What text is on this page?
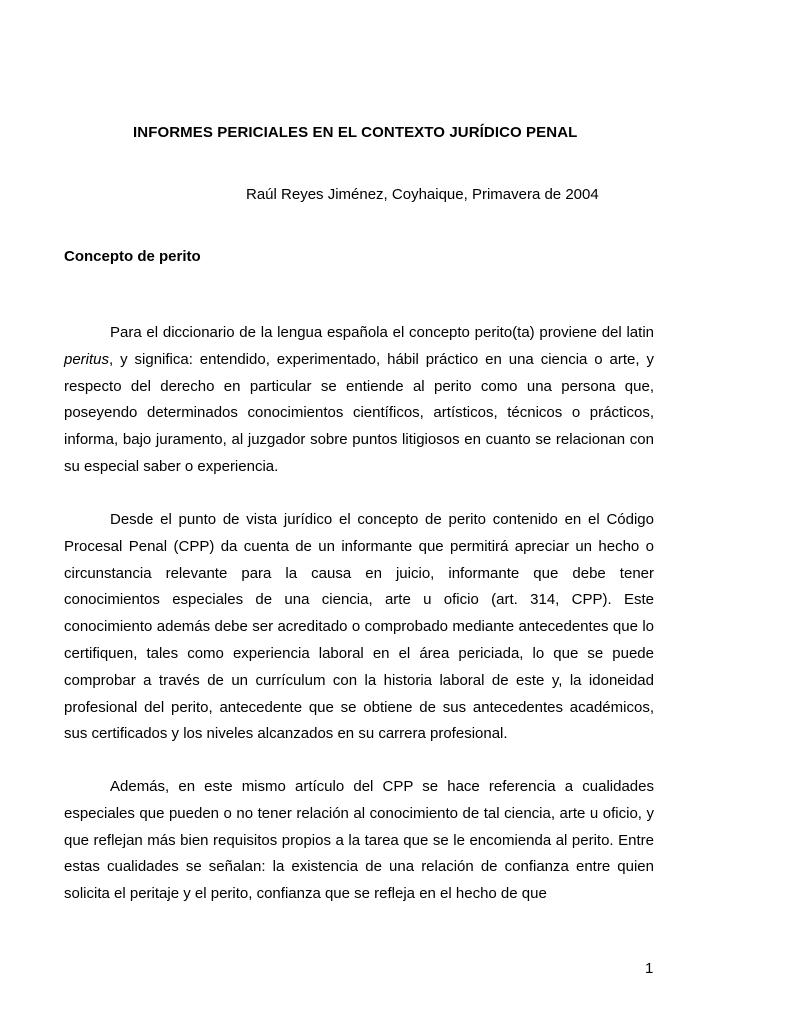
INFORMES PERICIALES EN EL CONTEXTO JURÍDICO PENAL
Raúl Reyes Jiménez, Coyhaique, Primavera de 2004
Concepto de perito

Para el diccionario de la lengua española el concepto perito(ta) proviene del latin peritus, y significa: entendido, experimentado, hábil práctico en una ciencia o arte, y respecto del derecho en particular se entiende al perito como una persona que, poseyendo determinados conocimientos científicos, artísticos, técnicos o prácticos, informa, bajo juramento, al juzgador sobre puntos litigiosos en cuanto se relacionan con su especial saber o experiencia.

Desde el punto de vista jurídico el concepto de perito contenido en el Código Procesal Penal (CPP) da cuenta de un informante que permitirá apreciar un hecho o circunstancia relevante para la causa en juicio, informante que debe tener conocimientos especiales de una ciencia, arte u oficio (art. 314, CPP). Este conocimiento además debe ser acreditado o comprobado mediante antecedentes que lo certifiquen, tales como experiencia laboral en el área periciada, lo que se puede comprobar a través de un currículum con la historia laboral de este y, la idoneidad profesional del perito, antecedente que se obtiene de sus antecedentes académicos, sus certificados y los niveles alcanzados en su carrera profesional.

Además, en este mismo artículo del CPP se hace referencia a cualidades especiales que pueden o no tener relación al conocimiento de tal ciencia, arte u oficio, y que reflejan más bien requisitos propios a la tarea que se le encomienda al perito. Entre estas cualidades se señalan: la existencia de una relación de confianza entre quien solicita el peritaje y el perito, confianza que se refleja en el hecho de que

1
